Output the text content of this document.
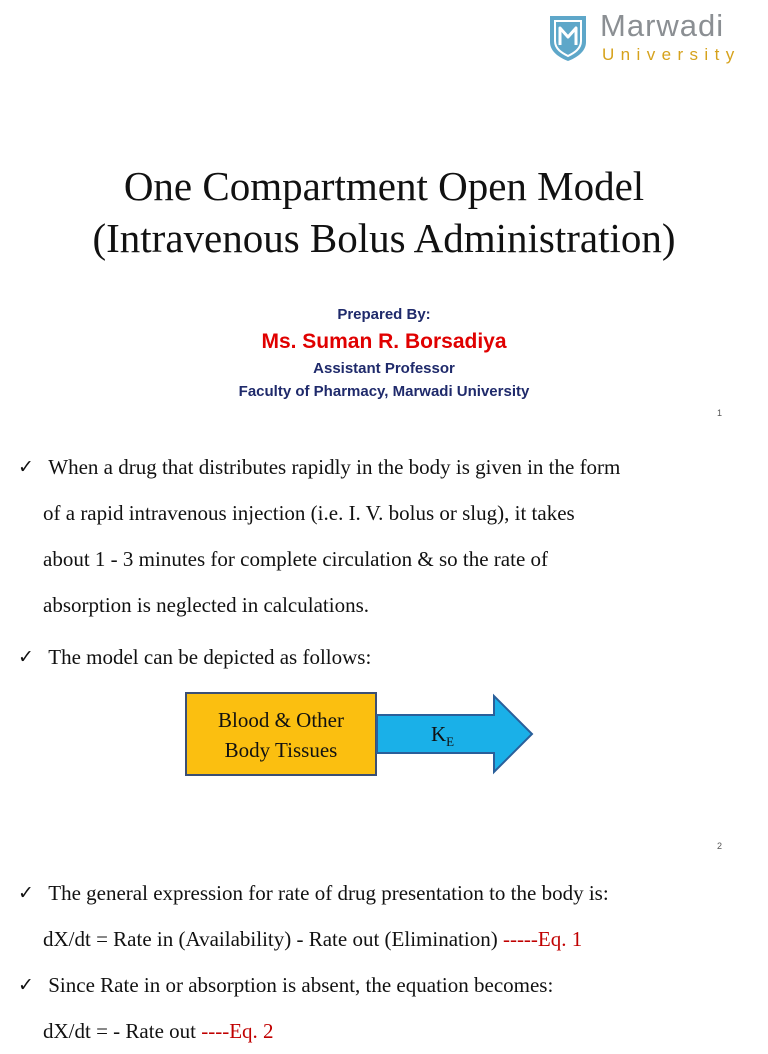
Marwadi
University
One Compartment Open Model
(Intravenous Bolus Administration)
Prepared By:
Ms. Suman R. Borsadiya
Assistant Professor
Faculty of Pharmacy, Marwadi University
1
✓ When a drug that distributes rapidly in the body is given in the form
of a rapid intravenous injection (i.e. I. V. bolus or slug), it takes
about 1 - 3 minutes for complete circulation & so the rate of
absorption is neglected in calculations.
✓ The model can be depicted as follows:
Blood & Other
Body Tissues
$K_E$
2
✓ The general expression for rate of drug presentation to the body is:
dX/dt = Rate in (Availability) - Rate out (Elimination) -----Eq. 1
✓ Since Rate in or absorption is absent, the equation becomes:
dX/dt = - Rate out ----Eq. 2
